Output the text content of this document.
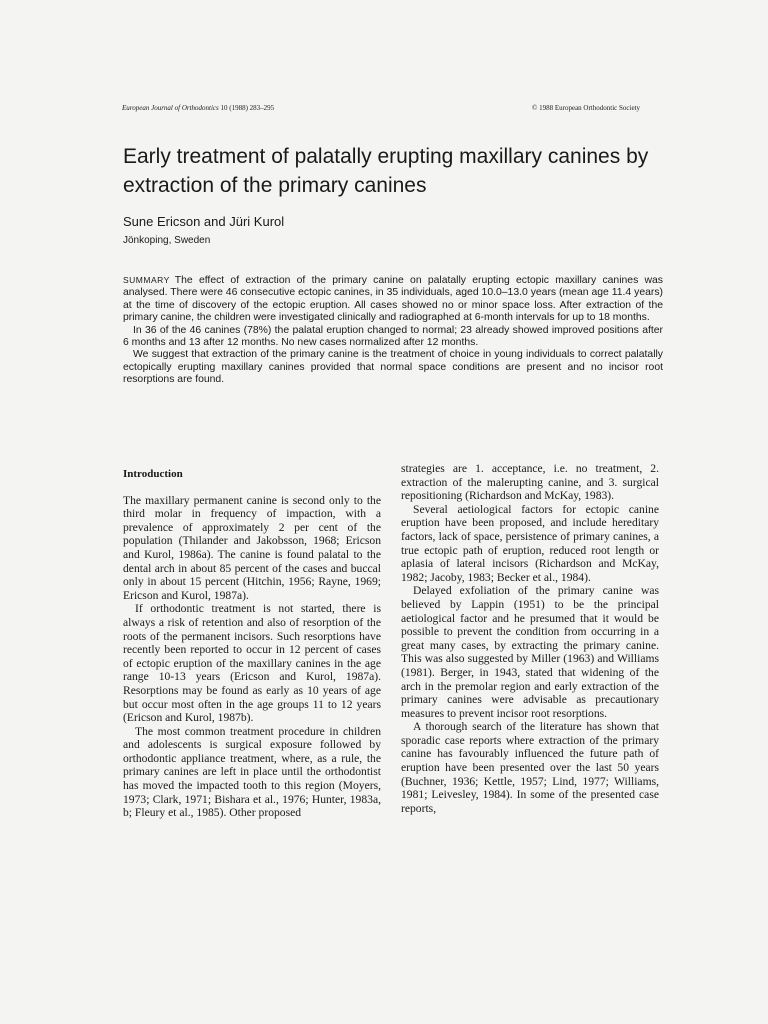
European Journal of Orthodontics 10 (1988) 283–295	© 1988 European Orthodontic Society
Early treatment of palatally erupting maxillary canines by extraction of the primary canines
Sune Ericson and Jüri Kurol
Jönkoping, Sweden

SUMMARY The effect of extraction of the primary canine on palatally erupting ectopic maxillary canines was analysed. There were 46 consecutive ectopic canines, in 35 individuals, aged 10.0–13.0 years (mean age 11.4 years) at the time of discovery of the ectopic eruption. All cases showed no or minor space loss. After extraction of the primary canine, the children were investigated clinically and radiographed at 6-month intervals for up to 18 months.

In 36 of the 46 canines (78%) the palatal eruption changed to normal; 23 already showed improved positions after 6 months and 13 after 12 months. No new cases normalized after 12 months.

We suggest that extraction of the primary canine is the treatment of choice in young individuals to correct palatally ectopically erupting maxillary canines provided that normal space conditions are present and no incisor root resorptions are found.

Introduction

The maxillary permanent canine is second only to the third molar in frequency of impaction, with a prevalence of approximately 2 per cent of the population (Thilander and Jakobsson, 1968; Ericson and Kurol, 1986a). The canine is found palatal to the dental arch in about 85 percent of the cases and buccal only in about 15 percent (Hitchin, 1956; Rayne, 1969; Ericson and Kurol, 1987a).

If orthodontic treatment is not started, there is always a risk of retention and also of resorption of the roots of the permanent incisors. Such resorptions have recently been reported to occur in 12 percent of cases of ectopic eruption of the maxillary canines in the age range 10-13 years (Ericson and Kurol, 1987a). Resorptions may be found as early as 10 years of age but occur most often in the age groups 11 to 12 years (Ericson and Kurol, 1987b).

The most common treatment procedure in children and adolescents is surgical exposure followed by orthodontic appliance treatment, where, as a rule, the primary canines are left in place until the orthodontist has moved the impacted tooth to this region (Moyers, 1973; Clark, 1971; Bishara et al., 1976; Hunter, 1983a, b; Fleury et al., 1985). Other proposed

strategies are 1. acceptance, i.e. no treatment, 2. extraction of the malerupting canine, and 3. surgical repositioning (Richardson and McKay, 1983).

Several aetiological factors for ectopic canine eruption have been proposed, and include hereditary factors, lack of space, persistence of primary canines, a true ectopic path of eruption, reduced root length or aplasia of lateral incisors (Richardson and McKay, 1982; Jacoby, 1983; Becker et al., 1984).

Delayed exfoliation of the primary canine was believed by Lappin (1951) to be the principal aetiological factor and he presumed that it would be possible to prevent the condition from occurring in a great many cases, by extracting the primary canine. This was also suggested by Miller (1963) and Williams (1981). Berger, in 1943, stated that widening of the arch in the premolar region and early extraction of the primary canines were advisable as precautionary measures to prevent incisor root resorptions.

A thorough search of the literature has shown that sporadic case reports where extraction of the primary canine has favourably influenced the future path of eruption have been presented over the last 50 years (Buchner, 1936; Kettle, 1957; Lind, 1977; Williams, 1981; Leivesley, 1984). In some of the presented case reports,
